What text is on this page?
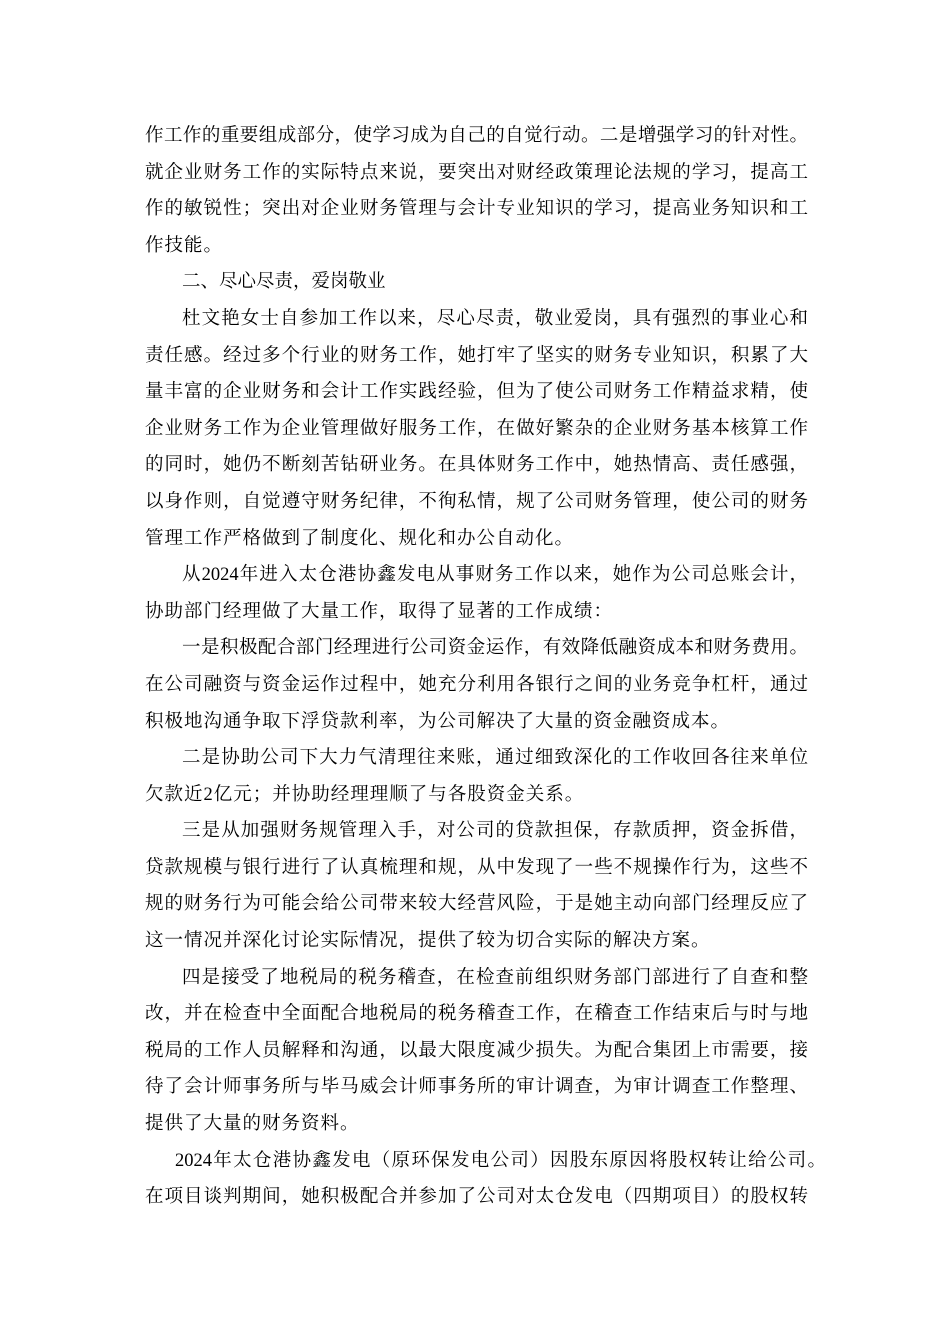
作工作的重要组成部分，使学习成为自己的自觉行动。二是增强学习的针对性。
就企业财务工作的实际特点来说，要突出对财经政策理论法规的学习，提高工
作的敏锐性；突出对企业财务管理与会计专业知识的学习，提高业务知识和工
作技能。
二、尽心尽责，爱岗敬业
杜文艳女士自参加工作以来，尽心尽责，敬业爱岗，具有强烈的事业心和
责任感。经过多个行业的财务工作，她打牢了坚实的财务专业知识，积累了大
量丰富的企业财务和会计工作实践经验，但为了使公司财务工作精益求精，使
企业财务工作为企业管理做好服务工作，在做好繁杂的企业财务基本核算工作
的同时，她仍不断刻苦钻研业务。在具体财务工作中，她热情高、责任感强，
以身作则，自觉遵守财务纪律，不徇私情，规了公司财务管理，使公司的财务
管理工作严格做到了制度化、规化和办公自动化。
从2024年进入太仓港协鑫发电从事财务工作以来，她作为公司总账会计，
协助部门经理做了大量工作，取得了显著的工作成绩：
一是积极配合部门经理进行公司资金运作，有效降低融资成本和财务费用。
在公司融资与资金运作过程中，她充分利用各银行之间的业务竞争杠杆，通过
积极地沟通争取下浮贷款利率，为公司解决了大量的资金融资成本。
二是协助公司下大力气清理往来账，通过细致深化的工作收回各往来单位
欠款近2亿元；并协助经理理顺了与各股资金关系。
三是从加强财务规管理入手，对公司的贷款担保，存款质押，资金拆借，
贷款规模与银行进行了认真梳理和规，从中发现了一些不规操作行为，这些不
规的财务行为可能会给公司带来较大经营风险，于是她主动向部门经理反应了
这一情况并深化讨论实际情况，提供了较为切合实际的解决方案。
四是接受了地税局的税务稽查，在检查前组织财务部门部进行了自查和整
改，并在检查中全面配合地税局的税务稽查工作，在稽查工作结束后与时与地
税局的工作人员解释和沟通，以最大限度减少损失。为配合集团上市需要，接
待了会计师事务所与毕马威会计师事务所的审计调查，为审计调查工作整理、
提供了大量的财务资料。
2024年太仓港协鑫发电（原环保发电公司）因股东原因将股权转让给公司。
在项目谈判期间，她积极配合并参加了公司对太仓发电（四期项目）的股权转
